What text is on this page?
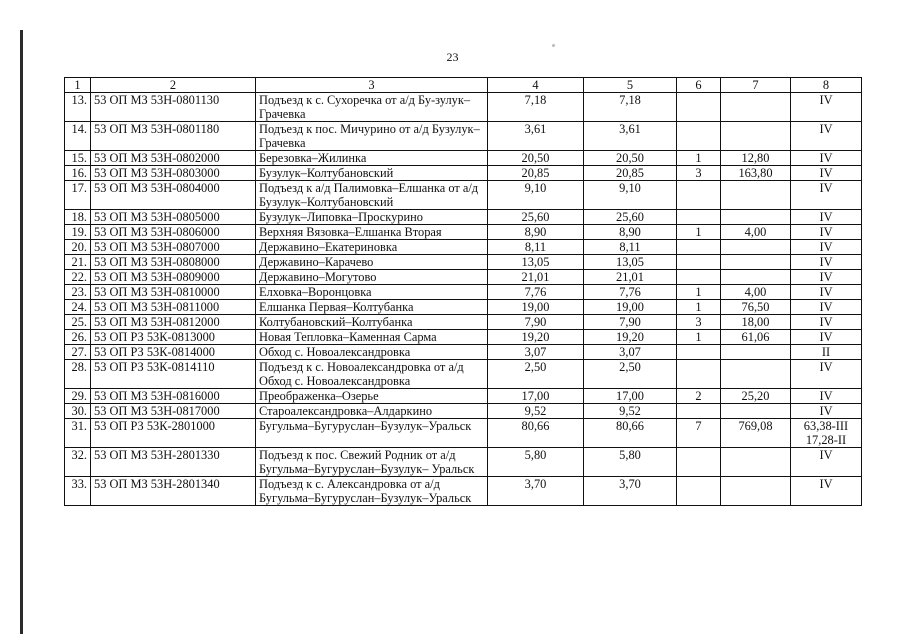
23
1	2	3	4	5	6	7	8
13.	53 ОП МЗ 53Н-0801130	Подъезд к с. Сухоречка от а/д Бу-зулук–Грачевка	7,18	7,18			IV
14.	53 ОП МЗ 53Н-0801180	Подъезд к пос. Мичурино от а/д Бузулук–Грачевка	3,61	3,61			IV
15.	53 ОП МЗ 53Н-0802000	Березовка–Жилинка	20,50	20,50	1	12,80	IV
16.	53 ОП МЗ 53Н-0803000	Бузулук–Колтубановский	20,85	20,85	3	163,80	IV
17.	53 ОП МЗ 53Н-0804000	Подъезд к а/д Палимовка–Елшанка от а/д Бузулук–Колтубановский	9,10	9,10			IV
18.	53 ОП МЗ 53Н-0805000	Бузулук–Липовка–Проскурино	25,60	25,60			IV
19.	53 ОП МЗ 53Н-0806000	Верхняя Вязовка–Елшанка Вторая	8,90	8,90	1	4,00	IV
20.	53 ОП МЗ 53Н-0807000	Державино–Екатериновка	8,11	8,11			IV
21.	53 ОП МЗ 53Н-0808000	Державино–Карачево	13,05	13,05			IV
22.	53 ОП МЗ 53Н-0809000	Державино–Могутово	21,01	21,01			IV
23.	53 ОП МЗ 53Н-0810000	Елховка–Воронцовка	7,76	7,76	1	4,00	IV
24.	53 ОП МЗ 53Н-0811000	Елшанка Первая–Колтубанка	19,00	19,00	1	76,50	IV
25.	53 ОП МЗ 53Н-0812000	Колтубановский–Колтубанка	7,90	7,90	3	18,00	IV
26.	53 ОП РЗ 53К-0813000	Новая Тепловка–Каменная Сарма	19,20	19,20	1	61,06	IV
27.	53 ОП РЗ 53К-0814000	Обход с. Новоалександровка	3,07	3,07			II
28.	53 ОП РЗ 53К-0814110	Подъезд к с. Новоалександровка от а/д Обход с. Новоалександровка	2,50	2,50			IV
29.	53 ОП МЗ 53Н-0816000	Преображенка–Озерье	17,00	17,00	2	25,20	IV
30.	53 ОП МЗ 53Н-0817000	Староалександровка–Алдаркино	9,52	9,52			IV
31.	53 ОП РЗ 53К-2801000	Бугульма–Бугуруслан–Бузулук–Уральск	80,66	80,66	7	769,08	63,38-III 17,28-II
32.	53 ОП МЗ 53Н-2801330	Подъезд к пос. Свежий Родник от а/д Бугульма–Бугуруслан–Бузулук– Уральск	5,80	5,80			IV
33.	53 ОП МЗ 53Н-2801340	Подъезд к с. Александровка от а/д Бугульма–Бугуруслан–Бузулук–Уральск	3,70	3,70			IV
